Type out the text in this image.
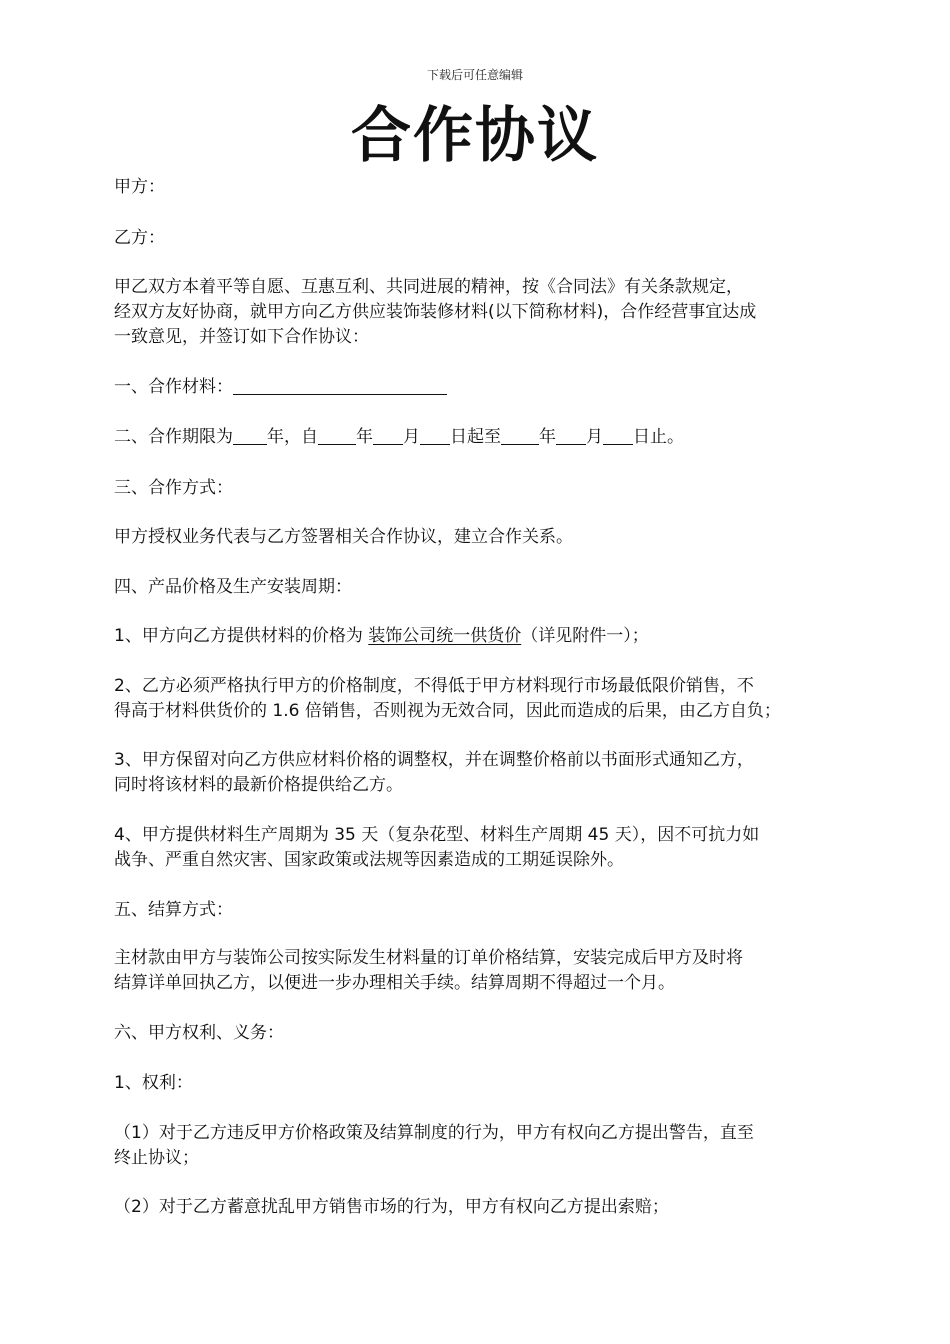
下载后可任意编辑
合作协议
甲方：
乙方：
甲乙双方本着平等自愿、互惠互利、共同进展的精神，按《合同法》有关条款规定，
经双方友好协商，就甲方向乙方供应装饰装修材料(以下简称材料)，合作经营事宜达成
一致意见，并签订如下合作协议：
一、合作材料：
二、合作期限为 年，自 年 月 日起至 年 月 日止。
三、合作方式：
甲方授权业务代表与乙方签署相关合作协议，建立合作关系。
四、产品价格及生产安装周期：
1、甲方向乙方提供材料的价格为 装饰公司统一供货价（详见附件一）；
2、乙方必须严格执行甲方的价格制度，不得低于甲方材料现行市场最低限价销售，不
得高于材料供货价的 1.6 倍销售，否则视为无效合同，因此而造成的后果，由乙方自负；
3、甲方保留对向乙方供应材料价格的调整权，并在调整价格前以书面形式通知乙方，
同时将该材料的最新价格提供给乙方。
4、甲方提供材料生产周期为 35 天（复杂花型、材料生产周期 45 天），因不可抗力如
战争、严重自然灾害、国家政策或法规等因素造成的工期延误除外。
五、结算方式：
主材款由甲方与装饰公司按实际发生材料量的订单价格结算，安装完成后甲方及时将
结算详单回执乙方，以便进一步办理相关手续。结算周期不得超过一个月。
六、甲方权利、义务：
1、权利：
（1）对于乙方违反甲方价格政策及结算制度的行为，甲方有权向乙方提出警告，直至
终止协议；
（2）对于乙方蓄意扰乱甲方销售市场的行为，甲方有权向乙方提出索赔；
